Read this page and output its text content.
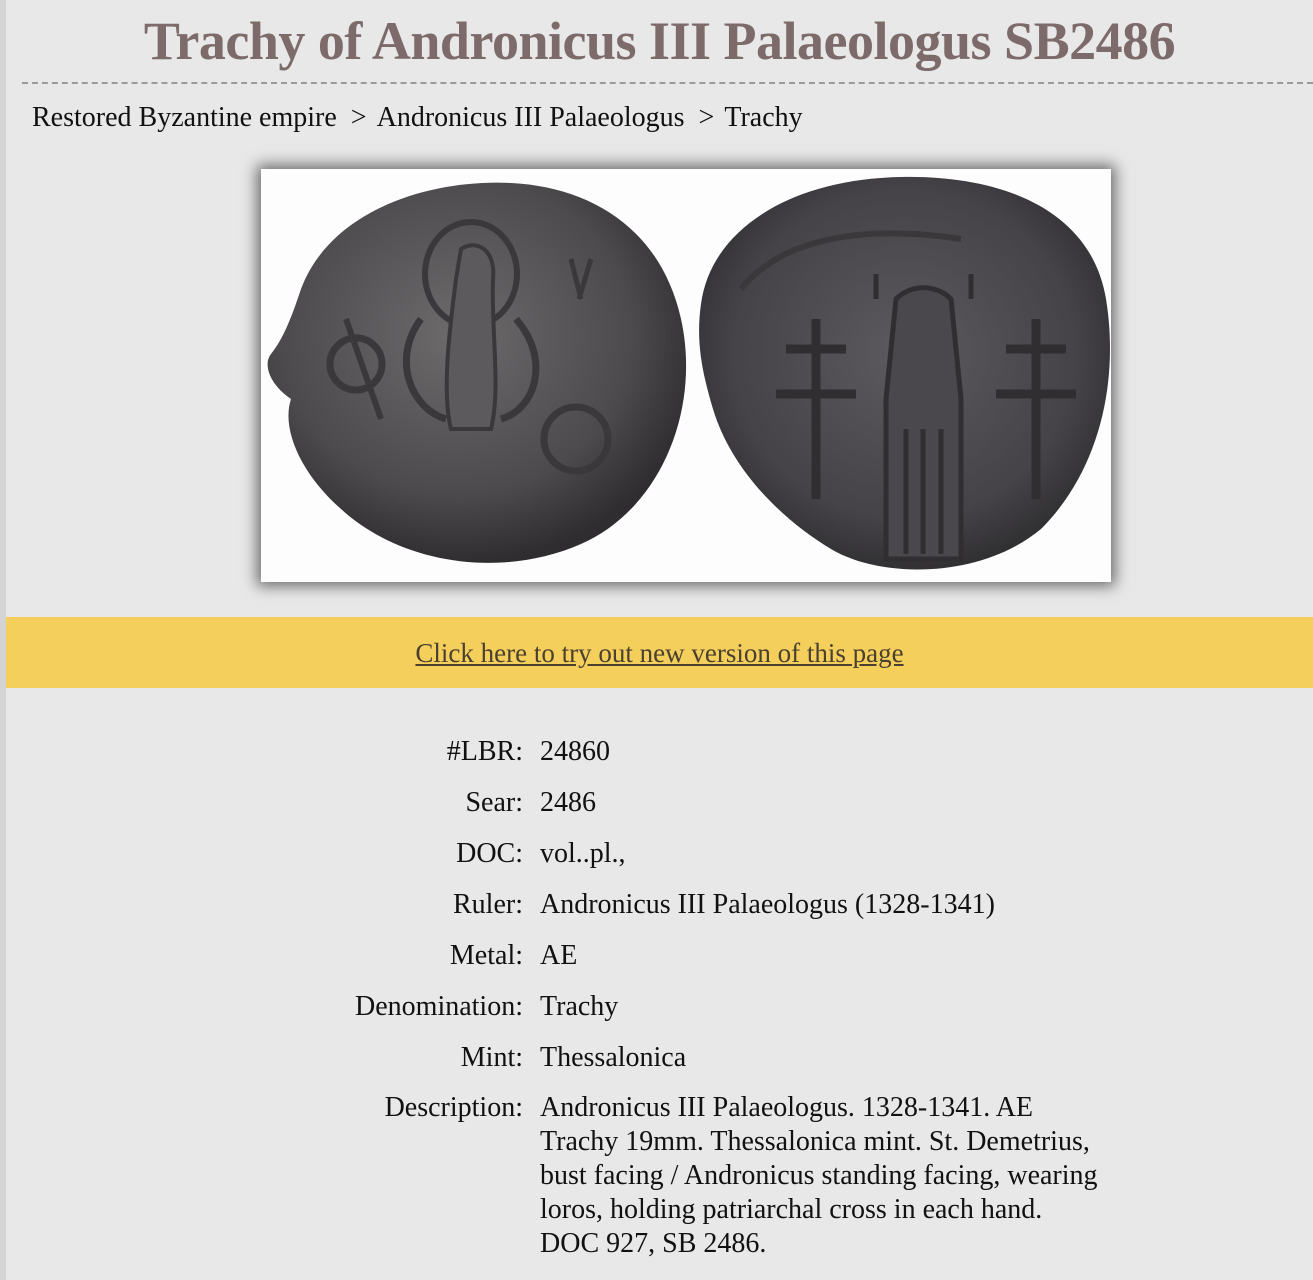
Trachy of Andronicus III Palaeologus SB2486
Restored Byzantine empire > Andronicus III Palaeologus > Trachy
Click here to try out new version of this page
#LBR: 24860
Sear: 2486
DOC: vol..pl.,
Ruler: Andronicus III Palaeologus (1328-1341)
Metal: AE
Denomination: Trachy
Mint: Thessalonica
Description: Andronicus III Palaeologus. 1328-1341. AE Trachy 19mm. Thessalonica mint. St. Demetrius, bust facing / Andronicus standing facing, wearing loros, holding patriarchal cross in each hand. DOC 927, SB 2486.
